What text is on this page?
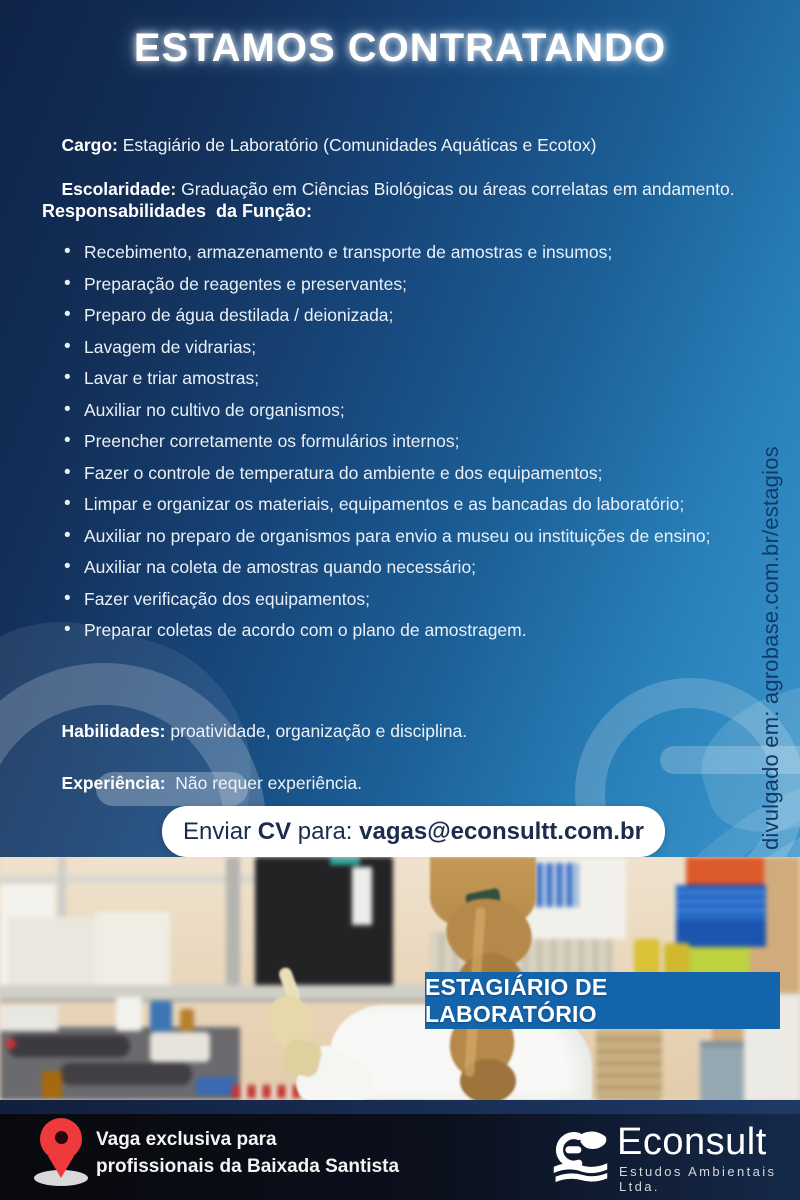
ESTAMOS CONTRATANDO

Cargo: Estagiário de Laboratório (Comunidades Aquáticas e Ecotox)

Escolaridade: Graduação em Ciências Biológicas ou áreas correlatas em andamento.

Responsabilidades  da Função:
• Recebimento, armazenamento e transporte de amostras e insumos;
• Preparação de reagentes e preservantes;
• Preparo de água destilada / deionizada;
• Lavagem de vidrarias;
• Lavar e triar amostras;
• Auxiliar no cultivo de organismos;
• Preencher corretamente os formulários internos;
• Fazer o controle de temperatura do ambiente e dos equipamentos;
• Limpar e organizar os materiais, equipamentos e as bancadas do laboratório;
• Auxiliar no preparo de organismos para envio a museu ou instituições de ensino;
• Auxiliar na coleta de amostras quando necessário;
• Fazer verificação dos equipamentos;
• Preparar coletas de acordo com o plano de amostragem.

Habilidades: proatividade, organização e disciplina.

Experiência:  Não requer experiência.

Enviar CV para: vagas@econsultt.com.br	divulgado em: agrobase.com.br/estagios
ESTAGIÁRIO DE LABORATÓRIO
Vaga exclusiva para
profissionais da Baixada Santista
Econsult
Estudos Ambientais Ltda.
